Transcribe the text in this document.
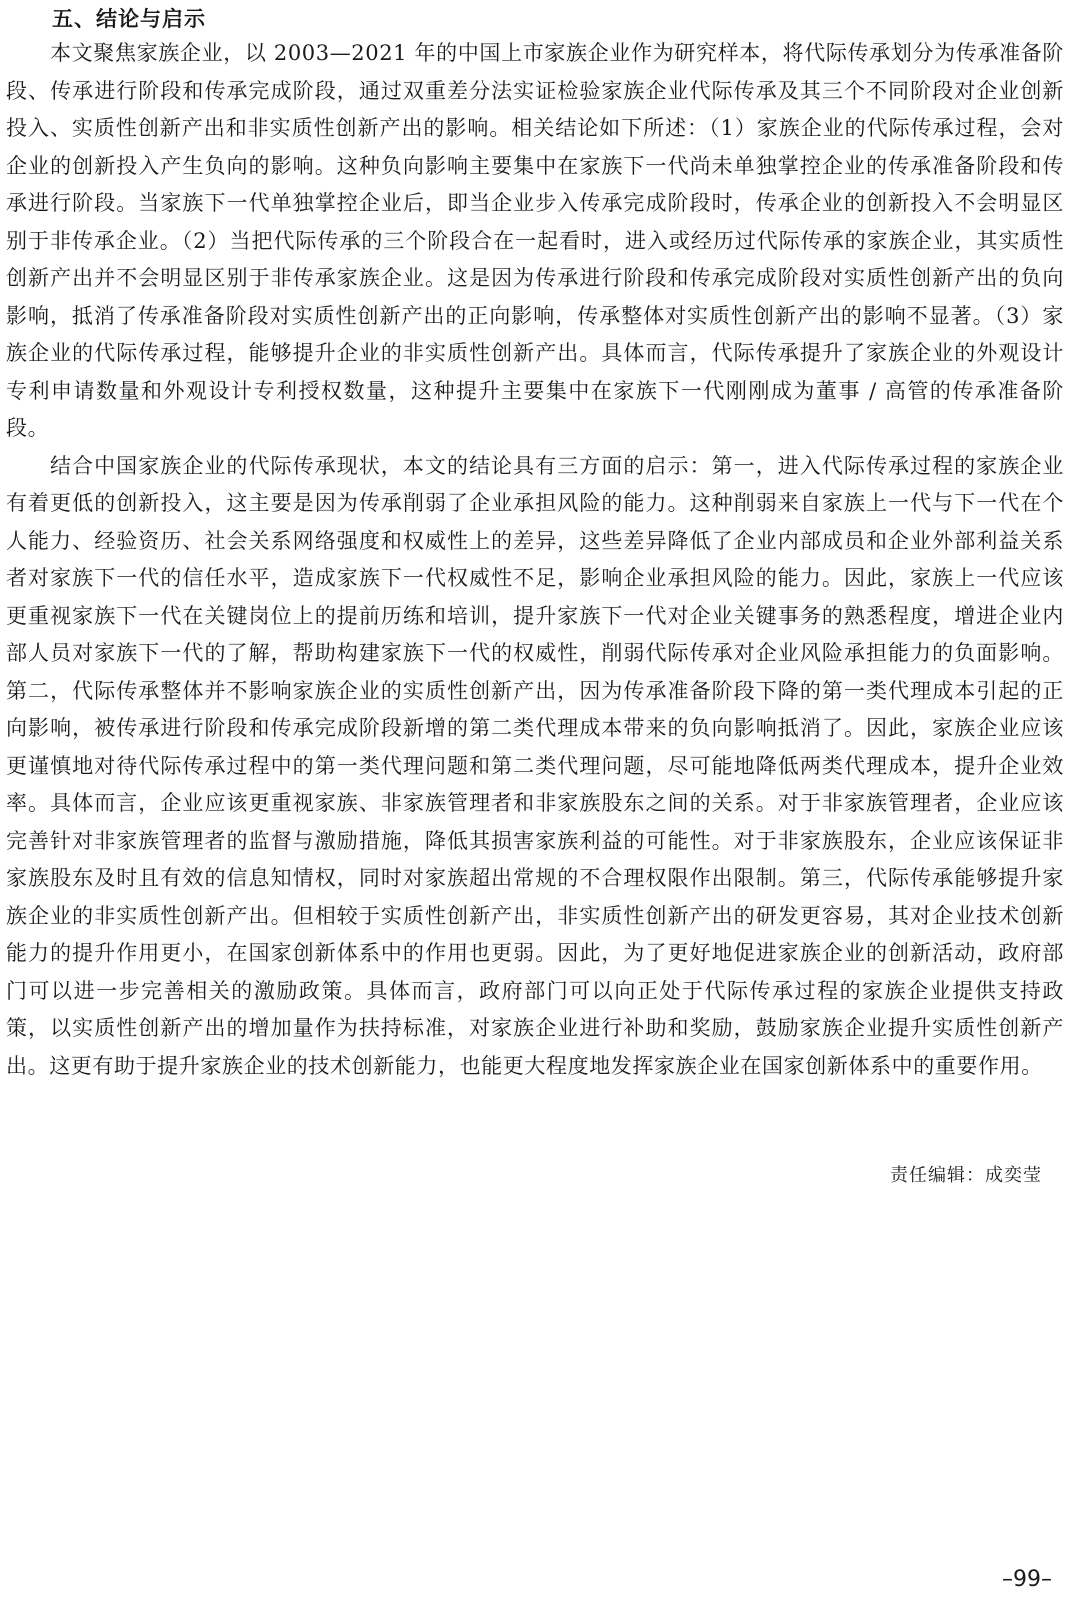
五、结论与启示

本文聚焦家族企业，以 2003—2021 年的中国上市家族企业作为研究样本，将代际传承划分为传承准备阶段、传承进行阶段和传承完成阶段，通过双重差分法实证检验家族企业代际传承及其三个不同阶段对企业创新投入、实质性创新产出和非实质性创新产出的影响。相关结论如下所述：（1）家族企业的代际传承过程，会对企业的创新投入产生负向的影响。这种负向影响主要集中在家族下一代尚未单独掌控企业的传承准备阶段和传承进行阶段。当家族下一代单独掌控企业后，即当企业步入传承完成阶段时，传承企业的创新投入不会明显区别于非传承企业。（2）当把代际传承的三个阶段合在一起看时，进入或经历过代际传承的家族企业，其实质性创新产出并不会明显区别于非传承家族企业。这是因为传承进行阶段和传承完成阶段对实质性创新产出的负向影响，抵消了传承准备阶段对实质性创新产出的正向影响，传承整体对实质性创新产出的影响不显著。（3）家族企业的代际传承过程，能够提升企业的非实质性创新产出。具体而言，代际传承提升了家族企业的外观设计专利申请数量和外观设计专利授权数量，这种提升主要集中在家族下一代刚刚成为董事 / 高管的传承准备阶段。

结合中国家族企业的代际传承现状，本文的结论具有三方面的启示：第一，进入代际传承过程的家族企业有着更低的创新投入，这主要是因为传承削弱了企业承担风险的能力。这种削弱来自家族上一代与下一代在个人能力、经验资历、社会关系网络强度和权威性上的差异，这些差异降低了企业内部成员和企业外部利益关系者对家族下一代的信任水平，造成家族下一代权威性不足，影响企业承担风险的能力。因此，家族上一代应该更重视家族下一代在关键岗位上的提前历练和培训，提升家族下一代对企业关键事务的熟悉程度，增进企业内部人员对家族下一代的了解，帮助构建家族下一代的权威性，削弱代际传承对企业风险承担能力的负面影响。第二，代际传承整体并不影响家族企业的实质性创新产出，因为传承准备阶段下降的第一类代理成本引起的正向影响，被传承进行阶段和传承完成阶段新增的第二类代理成本带来的负向影响抵消了。因此，家族企业应该更谨慎地对待代际传承过程中的第一类代理问题和第二类代理问题，尽可能地降低两类代理成本，提升企业效率。具体而言，企业应该更重视家族、非家族管理者和非家族股东之间的关系。对于非家族管理者，企业应该完善针对非家族管理者的监督与激励措施，降低其损害家族利益的可能性。对于非家族股东，企业应该保证非家族股东及时且有效的信息知情权，同时对家族超出常规的不合理权限作出限制。第三，代际传承能够提升家族企业的非实质性创新产出。但相较于实质性创新产出，非实质性创新产出的研发更容易，其对企业技术创新能力的提升作用更小，在国家创新体系中的作用也更弱。因此，为了更好地促进家族企业的创新活动，政府部门可以进一步完善相关的激励政策。具体而言，政府部门可以向正处于代际传承过程的家族企业提供支持政策，以实质性创新产出的增加量作为扶持标准，对家族企业进行补助和奖励，鼓励家族企业提升实质性创新产出。这更有助于提升家族企业的技术创新能力，也能更大程度地发挥家族企业在国家创新体系中的重要作用。

责任编辑：成奕莹
–99–
